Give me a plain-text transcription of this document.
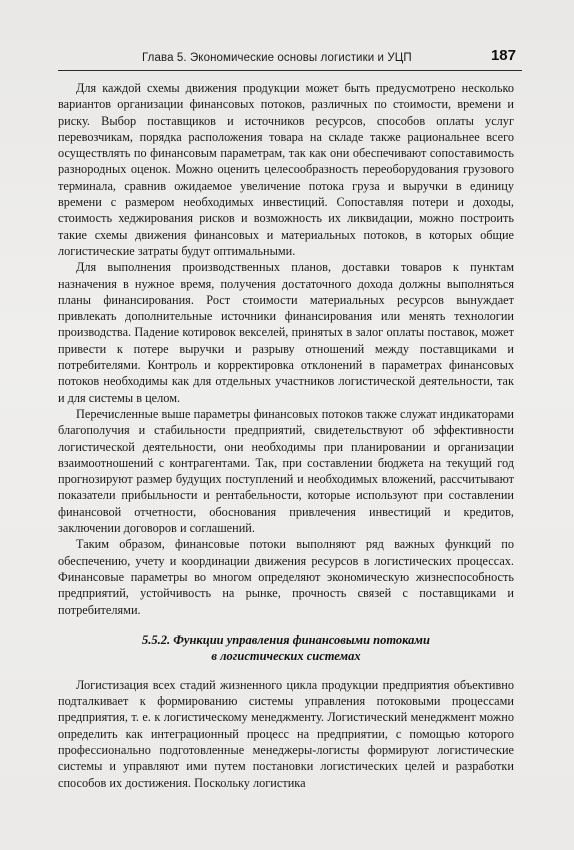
Глава 5. Экономические основы логистики и УЦП	187

Для каждой схемы движения продукции может быть предусмотрено несколько вариантов организации финансовых потоков, различных по стоимости, времени и риску. Выбор поставщиков и источников ресурсов, способов оплаты услуг перевозчикам, порядка расположения товара на складе также рациональнее всего осуществлять по финансовым параметрам, так как они обеспечивают сопоставимость разнородных оценок. Можно оценить целесообразность переоборудования грузового терминала, сравнив ожидаемое увеличение потока груза и выручки в единицу времени с размером необходимых инвестиций. Сопоставляя потери и доходы, стоимость хеджирования рисков и возможность их ликвидации, можно построить такие схемы движения финансовых и материальных потоков, в которых общие логистические затраты будут оптимальными.

Для выполнения производственных планов, доставки товаров к пунктам назначения в нужное время, получения достаточного дохода должны выполняться планы финансирования. Рост стоимости материальных ресурсов вынуждает привлекать дополнительные источники финансирования или менять технологии производства. Падение котировок векселей, принятых в залог оплаты поставок, может привести к потере выручки и разрыву отношений между поставщиками и потребителями. Контроль и корректировка отклонений в параметрах финансовых потоков необходимы как для отдельных участников логистической деятельности, так и для системы в целом.

Перечисленные выше параметры финансовых потоков также служат индикаторами благополучия и стабильности предприятий, свидетельствуют об эффективности логистической деятельности, они необходимы при планировании и организации взаимоотношений с контрагентами. Так, при составлении бюджета на текущий год прогнозируют размер будущих поступлений и необходимых вложений, рассчитывают показатели прибыльности и рентабельности, которые используют при составлении финансовой отчетности, обоснования привлечения инвестиций и кредитов, заключении договоров и соглашений.

Таким образом, финансовые потоки выполняют ряд важных функций по обеспечению, учету и координации движения ресурсов в логистических процессах. Финансовые параметры во многом определяют экономическую жизнеспособность предприятий, устойчивость на рынке, прочность связей с поставщиками и потребителями.

5.5.2. Функции управления финансовыми потоками
в логистических системах

Логистизация всех стадий жизненного цикла продукции предприятия объективно подталкивает к формированию системы управления потоковыми процессами предприятия, т. е. к логистическому менеджменту. Логистический менеджмент можно определить как интеграционный процесс на предприятии, с помощью которого профессионально подготовленные менеджеры-логисты формируют логистические системы и управляют ими путем постановки логистических целей и разработки способов их достижения. Поскольку логистика
